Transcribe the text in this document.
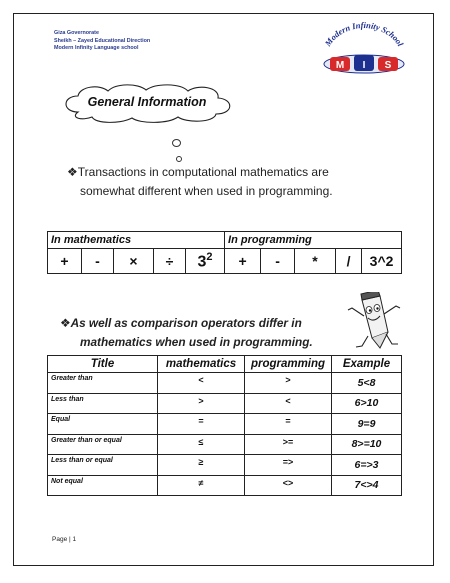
Giza Governorate
Sheikh – Zayed Educational Direction
Modern Infinity Language school
Modern Infinity School
M I S
General Information
❖Transactions in computational mathematics are
somewhat different when used in programming.
In mathematics					In programming				
+	-	×	÷	$3^2$	+	-	*	/	3^2
❖As well as comparison operators differ in
mathematics when used in programming.
Title	mathematics	programming	Example
Greater than	<	>	5<8
Less than	>	<	6>10
Equal	=	=	9=9
Greater than or equal	≤	>=	8>=10
Less than or equal	≥	=>	6=>3
Not equal	≠	<>	7<>4
Page | 1
